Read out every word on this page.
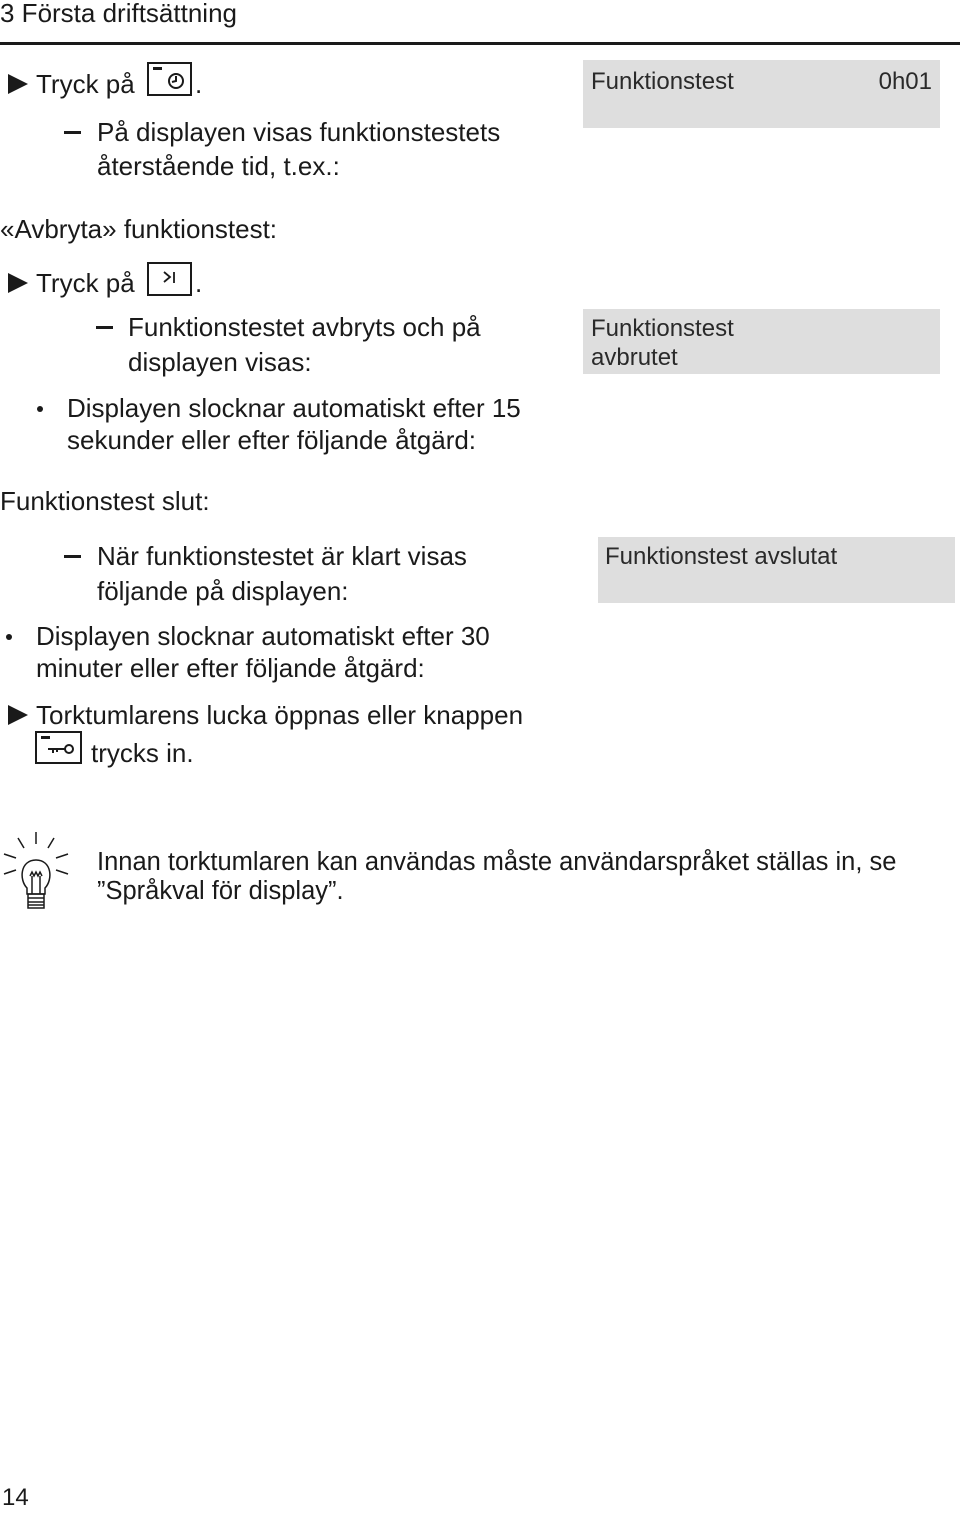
3 Första driftsättning
Tryck på .
På displayen visas funktionstestets
återstående tid, t.ex.:
Funktionstest	0h01
«Avbryta» funktionstest:
Tryck på .
Funktionstestet avbryts och på
displayen visas:
Funktionstest
avbrutet
Displayen slocknar automatiskt efter 15
sekunder eller efter följande åtgärd:
Funktionstest slut:
När funktionstestet är klart visas
följande på displayen:
Funktionstest avslutat
Displayen slocknar automatiskt efter 30
minuter eller efter följande åtgärd:
Torktumlarens lucka öppnas eller knappen
trycks in.
Innan torktumlaren kan användas måste användarspråket ställas in, se
”Språkval för display”.
14
